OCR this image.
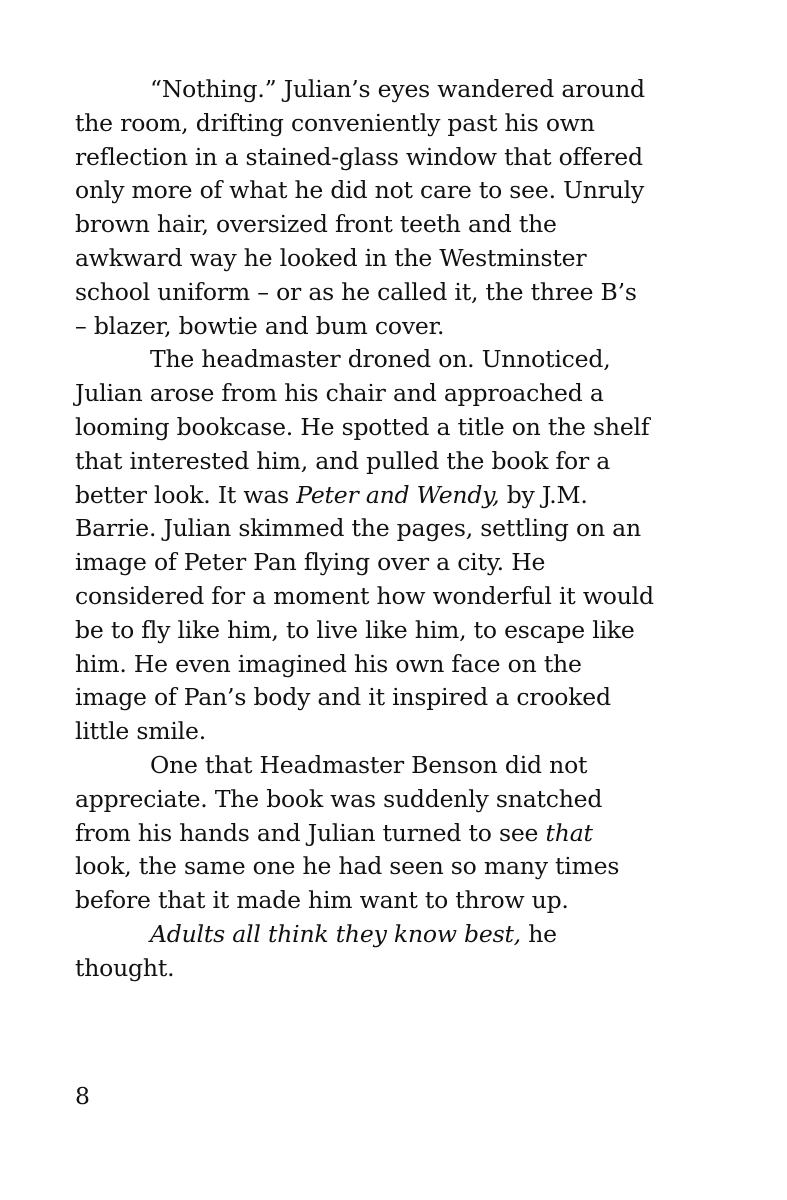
“Nothing.” Julian’s eyes wandered around
the room, drifting conveniently past his own
reflection in a stained-glass window that offered
only more of what he did not care to see. Unruly
brown hair, oversized front teeth and the
awkward way he looked in the Westminster
school uniform – or as he called it, the three B’s
– blazer, bowtie and bum cover.
The headmaster droned on. Unnoticed,
Julian arose from his chair and approached a
looming bookcase. He spotted a title on the shelf
that interested him, and pulled the book for a
better look. It was Peter and Wendy, by J.M.
Barrie. Julian skimmed the pages, settling on an
image of Peter Pan flying over a city. He
considered for a moment how wonderful it would
be to fly like him, to live like him, to escape like
him. He even imagined his own face on the
image of Pan’s body and it inspired a crooked
little smile.
One that Headmaster Benson did not
appreciate. The book was suddenly snatched
from his hands and Julian turned to see that
look, the same one he had seen so many times
before that it made him want to throw up.
Adults all think they know best, he
thought.
8
